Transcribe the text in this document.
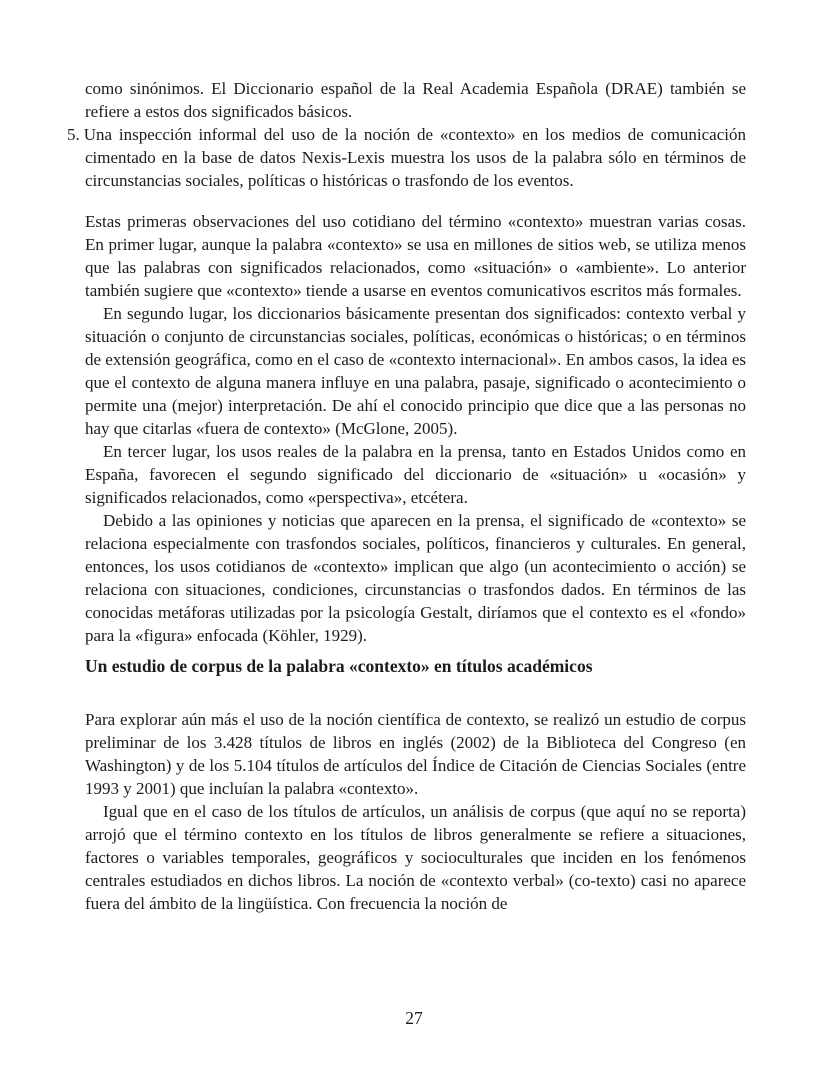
como sinónimos. El Diccionario español de la Real Academia Española (DRAE) también se refiere a estos dos significados básicos.

5. Una inspección informal del uso de la noción de «contexto» en los medios de comunicación cimentado en la base de datos Nexis-Lexis muestra los usos de la palabra sólo en términos de circunstancias sociales, políticas o históricas o trasfondo de los eventos.

Estas primeras observaciones del uso cotidiano del término «contexto» muestran varias cosas. En primer lugar, aunque la palabra «contexto» se usa en millones de sitios web, se utiliza menos que las palabras con significados relacionados, como «situación» o «ambiente». Lo anterior también sugiere que «contexto» tiende a usarse en eventos comunicativos escritos más formales.

En segundo lugar, los diccionarios básicamente presentan dos significados: contexto verbal y situación o conjunto de circunstancias sociales, políticas, económicas o históricas; o en términos de extensión geográfica, como en el caso de «contexto internacional». En ambos casos, la idea es que el contexto de alguna manera influye en una palabra, pasaje, significado o acontecimiento o permite una (mejor) interpretación. De ahí el conocido principio que dice que a las personas no hay que citarlas «fuera de contexto» (McGlone, 2005).

En tercer lugar, los usos reales de la palabra en la prensa, tanto en Estados Unidos como en España, favorecen el segundo significado del diccionario de «situación» u «ocasión» y significados relacionados, como «perspectiva», etcétera.

Debido a las opiniones y noticias que aparecen en la prensa, el significado de «contexto» se relaciona especialmente con trasfondos sociales, políticos, financieros y culturales. En general, entonces, los usos cotidianos de «contexto» implican que algo (un acontecimiento o acción) se relaciona con situaciones, condiciones, circunstancias o trasfondos dados. En términos de las conocidas metáforas utilizadas por la psicología Gestalt, diríamos que el contexto es el «fondo» para la «figura» enfocada (Köhler, 1929).

Un estudio de corpus de la palabra «contexto» en títulos académicos

Para explorar aún más el uso de la noción científica de contexto, se realizó un estudio de corpus preliminar de los 3.428 títulos de libros en inglés (2002) de la Biblioteca del Congreso (en Washington) y de los 5.104 títulos de artículos del Índice de Citación de Ciencias Sociales (entre 1993 y 2001) que incluían la palabra «contexto».

Igual que en el caso de los títulos de artículos, un análisis de corpus (que aquí no se reporta) arrojó que el término contexto en los títulos de libros generalmente se refiere a situaciones, factores o variables temporales, geográficos y socioculturales que inciden en los fenómenos centrales estudiados en dichos libros. La noción de «contexto verbal» (co-texto) casi no aparece fuera del ámbito de la lingüística. Con frecuencia la noción de

27
